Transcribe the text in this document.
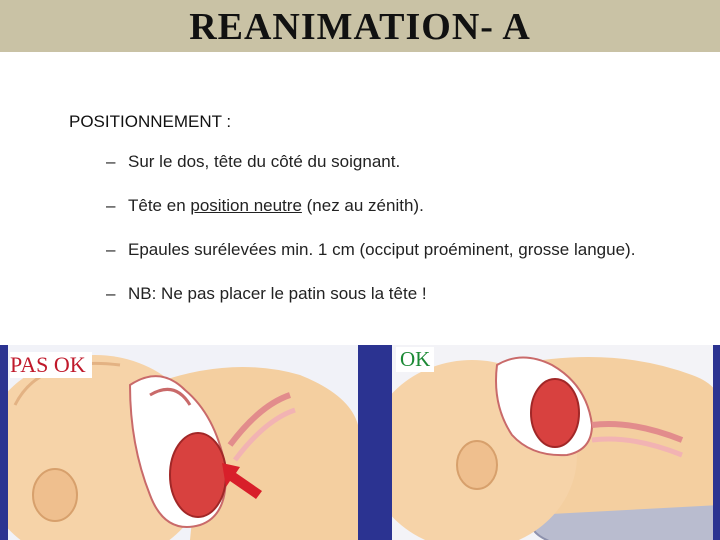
REANIMATION- A
POSITIONNEMENT :
– Sur le dos, tête du côté du soignant.
– Tête en position neutre (nez au zénith).
– Epaules surélevées min. 1 cm (occiput proéminent, grosse langue).
– NB: Ne pas placer le patin sous la tête !
PAS OK	OK
